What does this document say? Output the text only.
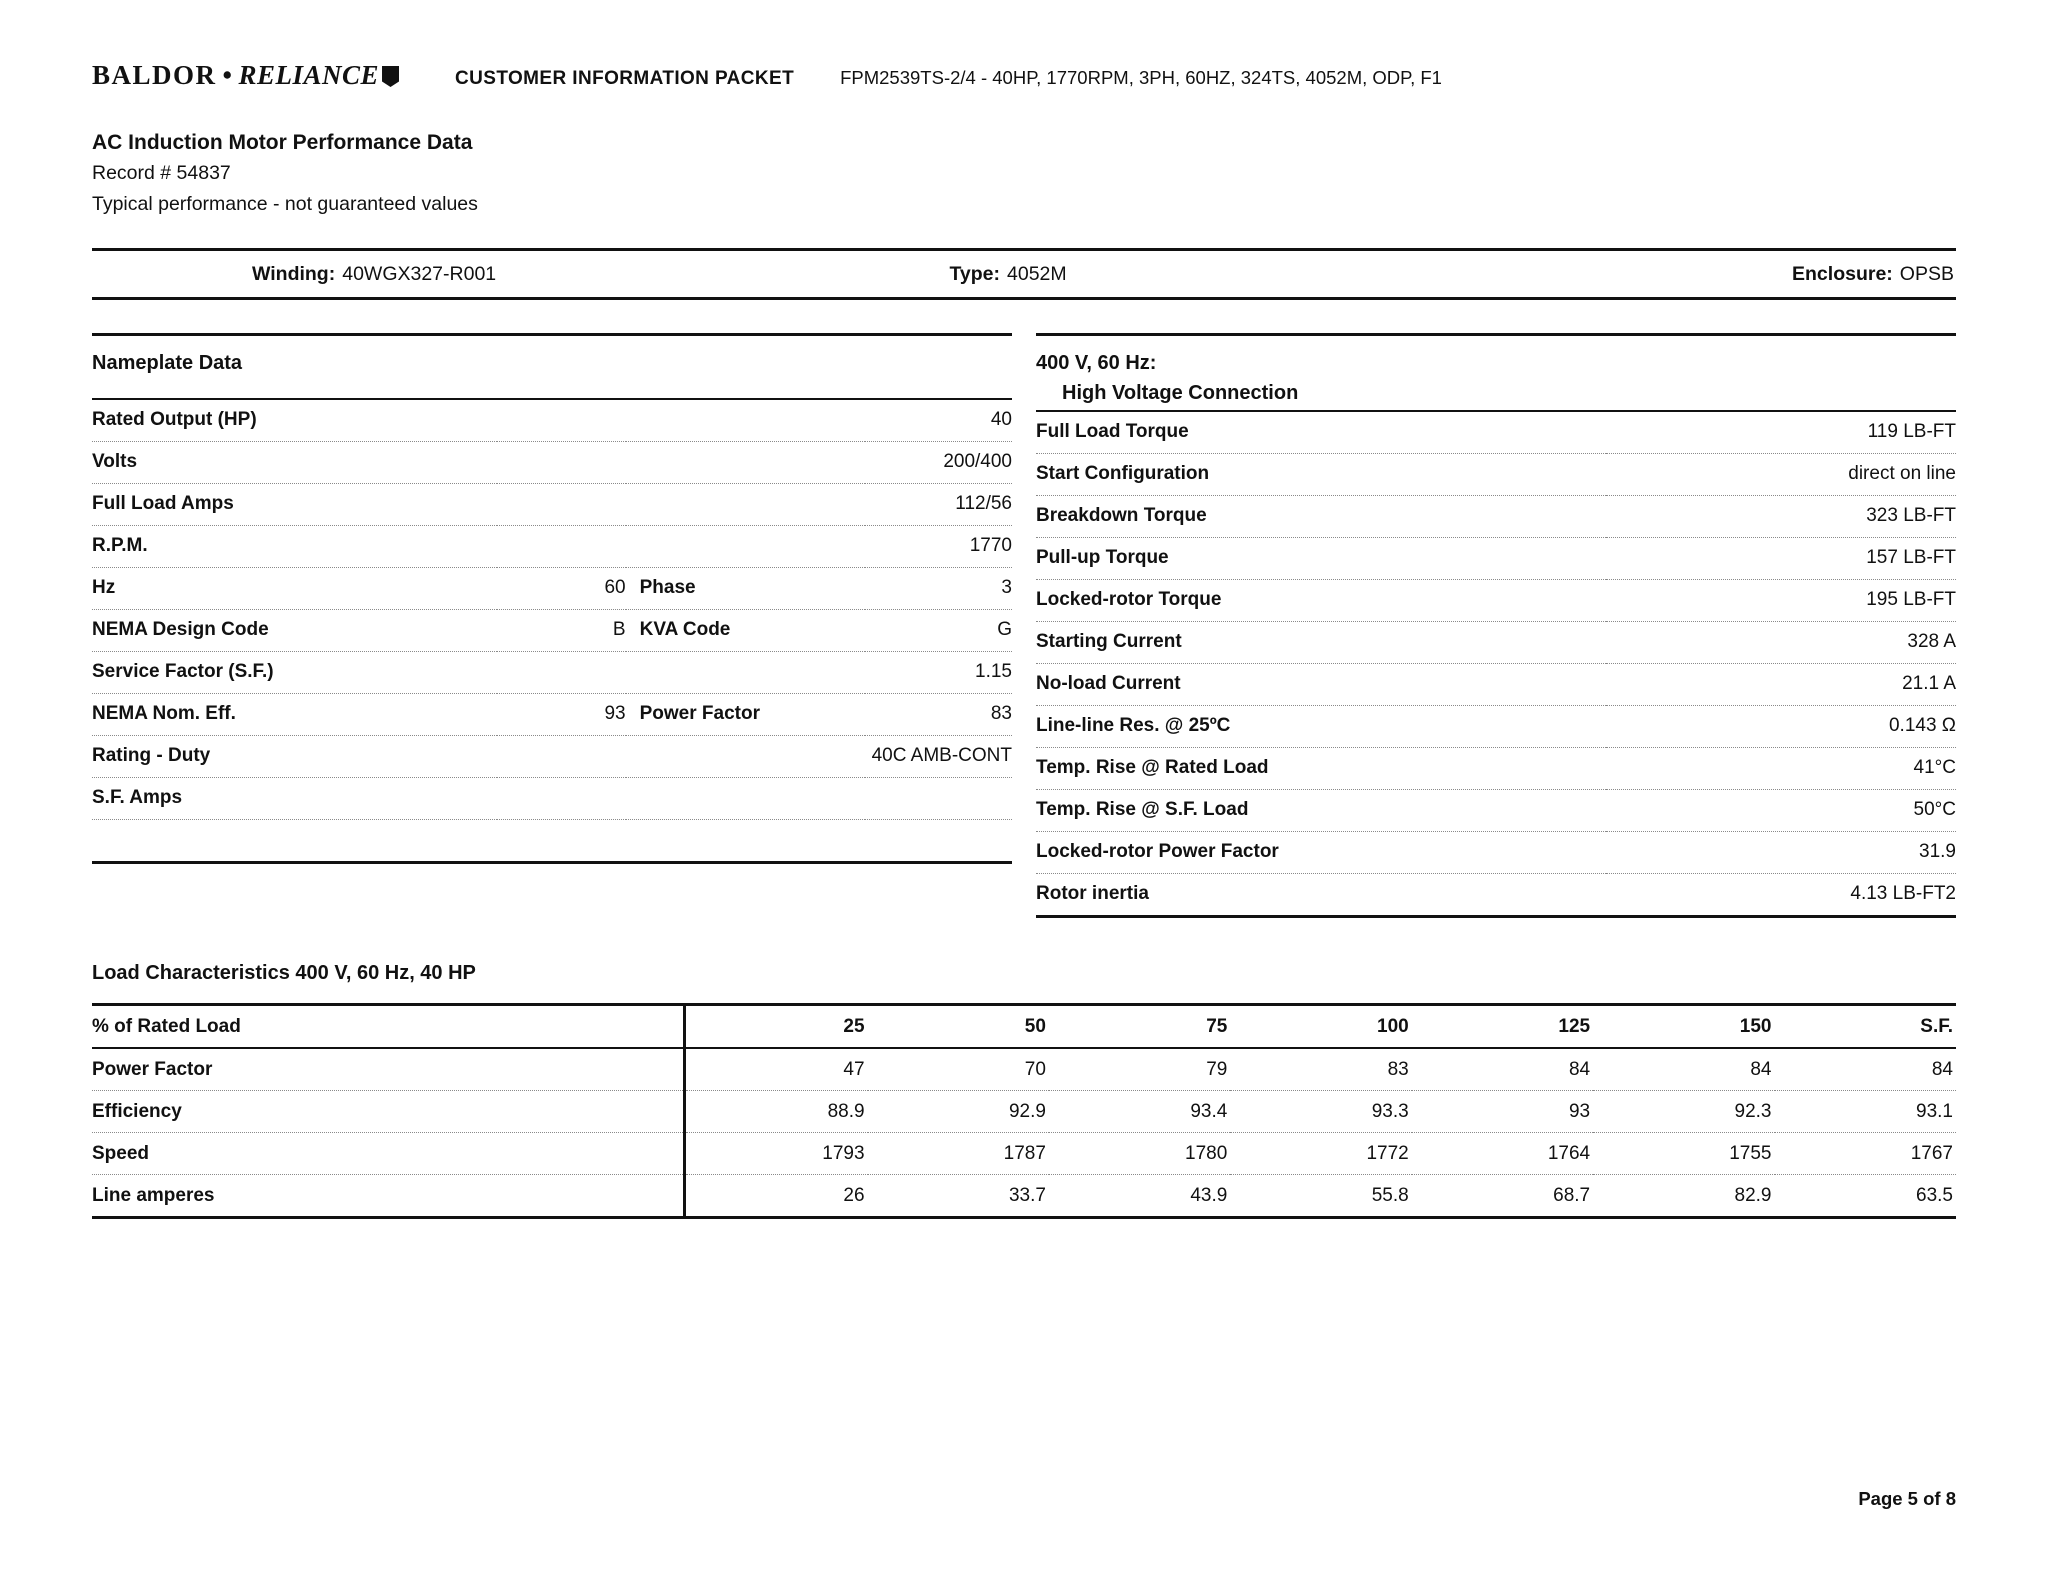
BALDOR • RELIANCE	CUSTOMER INFORMATION PACKET FPM2539TS-2/4 - 40HP, 1770RPM, 3PH, 60HZ, 324TS, 4052M, ODP, F1
AC Induction Motor Performance Data
Record # 54837
Typical performance - not guaranteed values
Winding: 40WGX327-R001	Type: 4052M	Enclosure: OPSB
Nameplate Data
Rated Output (HP)			40
Volts			200/400
Full Load Amps			112/56
R.P.M.			1770
Hz	60	Phase	3
NEMA Design Code	B	KVA Code	G
Service Factor (S.F.)			1.15
NEMA Nom. Eff.	93	Power Factor	83
Rating - Duty			40C AMB-CONT
S.F. Amps			

400 V, 60 Hz:
High Voltage Connection
Full Load Torque	119 LB-FT
Start Configuration	direct on line
Breakdown Torque	323 LB-FT
Pull-up Torque	157 LB-FT
Locked-rotor Torque	195 LB-FT
Starting Current	328 A
No-load Current	21.1 A
Line-line Res. @ 25ºC	0.143 Ω
Temp. Rise @ Rated Load	41°C
Temp. Rise @ S.F. Load	50°C
Locked-rotor Power Factor	31.9
Rotor inertia	4.13 LB-FT2
Load Characteristics 400 V, 60 Hz, 40 HP
% of Rated Load	25	50	75	100	125	150	S.F.
Power Factor	47	70	79	83	84	84	84
Efficiency	88.9	92.9	93.4	93.3	93	92.3	93.1
Speed	1793	1787	1780	1772	1764	1755	1767
Line amperes	26	33.7	43.9	55.8	68.7	82.9	63.5
Page 5 of 8
